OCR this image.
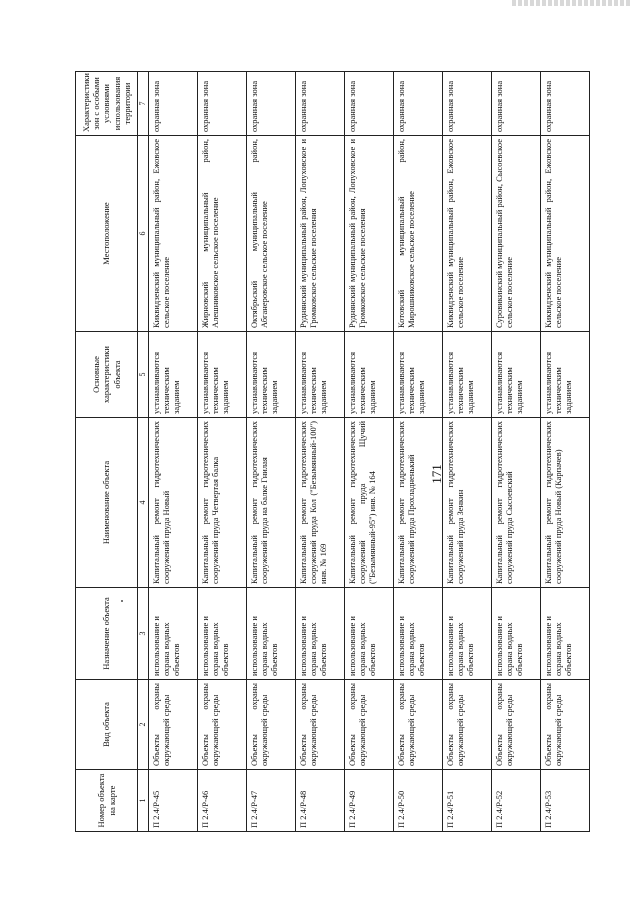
171
Номер объекта на карте	Вид объекта	Назначение объекта	Наименование объекта	Основные характеристики объекта	Местоположение	Характеристики зон с особыми условиями использования территории
1	2	3	4	5	6	7
П 2.4/Р-45	Объекты охраны окружающей среды	использование и охрана водных объектов	Капитальный ремонт гидротехнических сооружений пруда Новый	устанавливаются техническим заданием	Киквидзенский муниципальный район, Ежовское сельское поселение	охранная зона
П 2.4/Р-46	Объекты охраны окружающей среды	использование и охрана водных объектов	Капитальный ремонт гидротехнических сооружений пруда Четвертая балка	устанавливаются техническим заданием	Жирновский муниципальный район, Алешниковское сельское поселение	охранная зона
П 2.4/Р-47	Объекты охраны окружающей среды	использование и охрана водных объектов	Капитальный ремонт гидротехнических сооружений пруда на балке Гнилая	устанавливаются техническим заданием	Октябрьский муниципальный район, Абганеровское сельское поселение	охранная зона
П 2.4/Р-48	Объекты охраны окружающей среды	использование и охрана водных объектов	Капитальный ремонт гидротехнических сооружений пруда Кол ("Безымянный-100") инв. № 169	устанавливаются техническим заданием	Руднянский муниципальный район, Лопуховское и Громковское сельские поселения	охранная зона
П 2.4/Р-49	Объекты охраны окружающей среды	использование и охрана водных объектов	Капитальный ремонт гидротехнических сооружений пруда Щучий ("Безымянный-95") инв. № 164	устанавливаются техническим заданием	Руднянский муниципальный район, Лопуховское и Громковское сельские поселения	охранная зона
П 2.4/Р-50	Объекты охраны окружающей среды	использование и охрана водных объектов	Капитальный ремонт гидротехнических сооружений пруда Прохладненький	устанавливаются техническим заданием	Котовский муниципальный район, Мирошниковское сельское поселение	охранная зона
П 2.4/Р-51	Объекты охраны окружающей среды	использование и охрана водных объектов	Капитальный ремонт гидротехнических сооружений пруда Зенкин	устанавливаются техническим заданием	Киквидзенский муниципальный район, Ежовское сельское поселение	охранная зона
П 2.4/Р-52	Объекты охраны окружающей среды	использование и охрана водных объектов	Капитальный ремонт гидротехнических сооружений пруда Сысоевский	устанавливаются техническим заданием	Суровикинский муниципальный район, Сысоевское сельское поселение	охранная зона
П 2.4/Р-53	Объекты охраны окружающей среды	использование и охрана водных объектов	Капитальный ремонт гидротехнических сооружений пруда Новый (Карпачев)	устанавливаются техническим заданием	Киквидзенский муниципальный район, Ежовское сельское поселение	охранная зона
